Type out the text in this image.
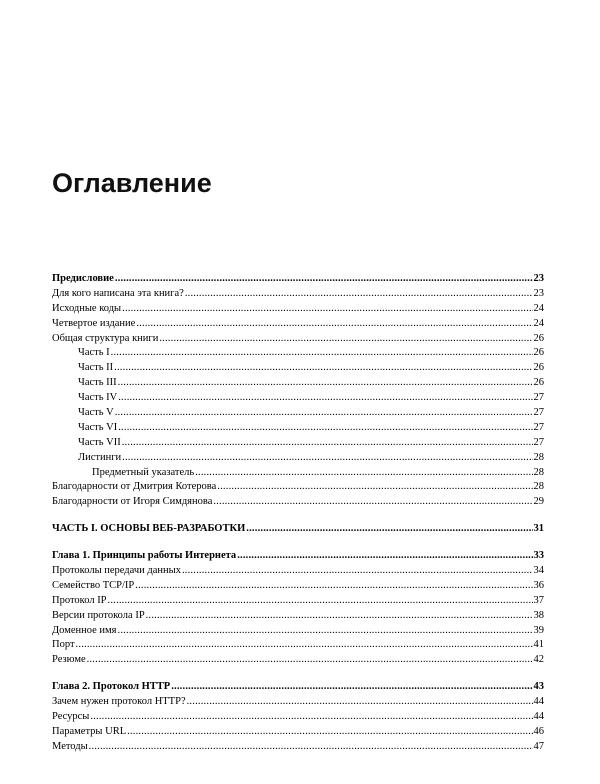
Оглавление
Предисловие .....	23
Для кого написана эта книга? .....	23
Исходные коды .....	24
Четвертое издание .....	24
Общая структура книги .....	26
Часть I .....	26
Часть II .....	26
Часть III .....	26
Часть IV .....	27
Часть V .....	27
Часть VI .....	27
Часть VII .....	27
Листинги .....	28
Предметный указатель .....	28
Благодарности от Дмитрия Котерова .....	28
Благодарности от Игоря Симдянова .....	29
ЧАСТЬ I. ОСНОВЫ ВЕБ-РАЗРАБОТКИ .....	31
Глава 1. Принципы работы Интернета .....	33
Протоколы передачи данных .....	34
Семейство TCP/IP .....	36
Протокол IP .....	37
Версии протокола IP .....	38
Доменное имя .....	39
Порт .....	41
Резюме .....	42
Глава 2. Протокол HTTP .....	43
Зачем нужен протокол HTTP? .....	44
Ресурсы .....	44
Параметры URL .....	46
Методы .....	47
